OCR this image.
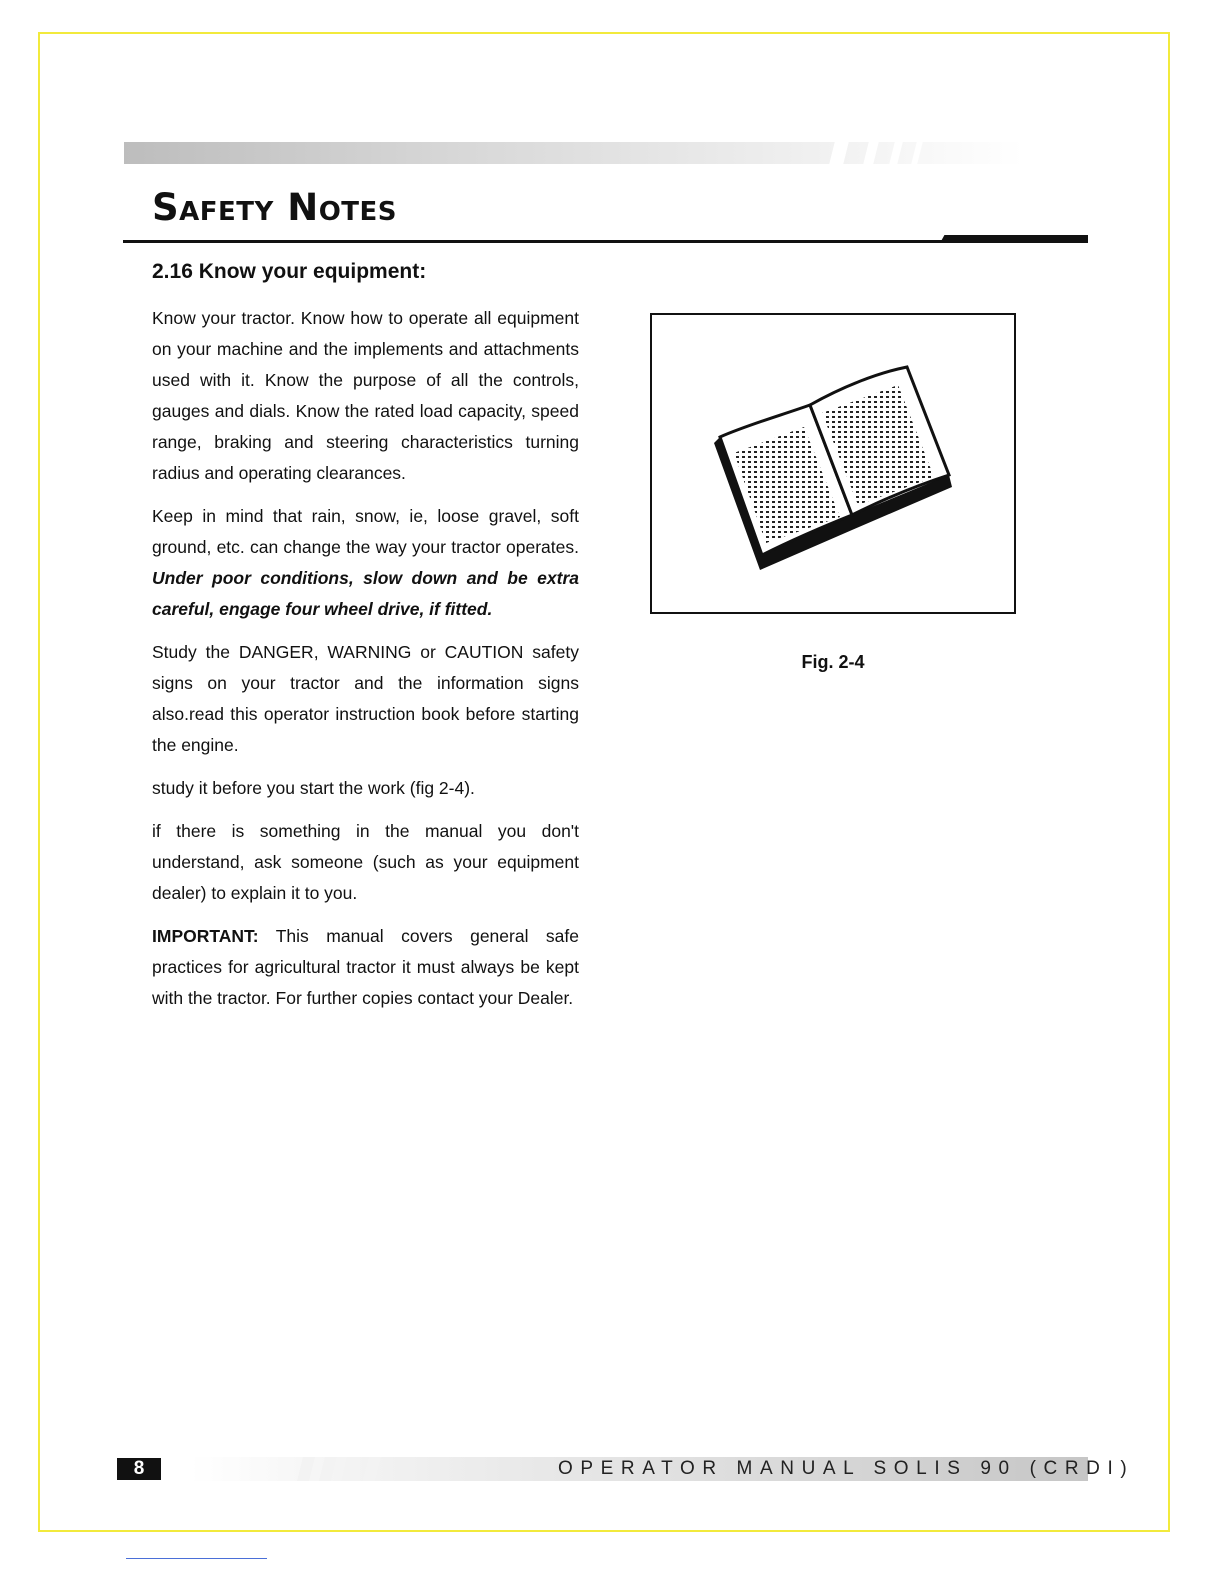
Safety Notes
2.16 Know your equipment:

Know your tractor. Know how to operate all equipment on your machine and the implements and attachments used with it. Know the purpose of all the controls, gauges and dials. Know the rated load capacity, speed range, braking and steering characteristics turning radius and operating clearances.

Keep in mind that rain, snow, ie, loose gravel, soft ground, etc. can change the way your tractor operates. Under poor conditions, slow down and be extra careful, engage four wheel drive, if fitted.

Study the DANGER, WARNING or CAUTION safety signs on your tractor and the information signs also.read this operator instruction book before starting the engine.

study it before you start the work (fig 2-4).

if there is something in the manual you don't understand, ask someone (such as your equipment dealer) to explain it to you.

IMPORTANT: This manual covers general safe practices for agricultural tractor it must always be kept with the tractor. For further copies contact your Dealer.

Fig. 2-4
8	OPERATOR MANUAL SOLIS 90 (CRDI)
